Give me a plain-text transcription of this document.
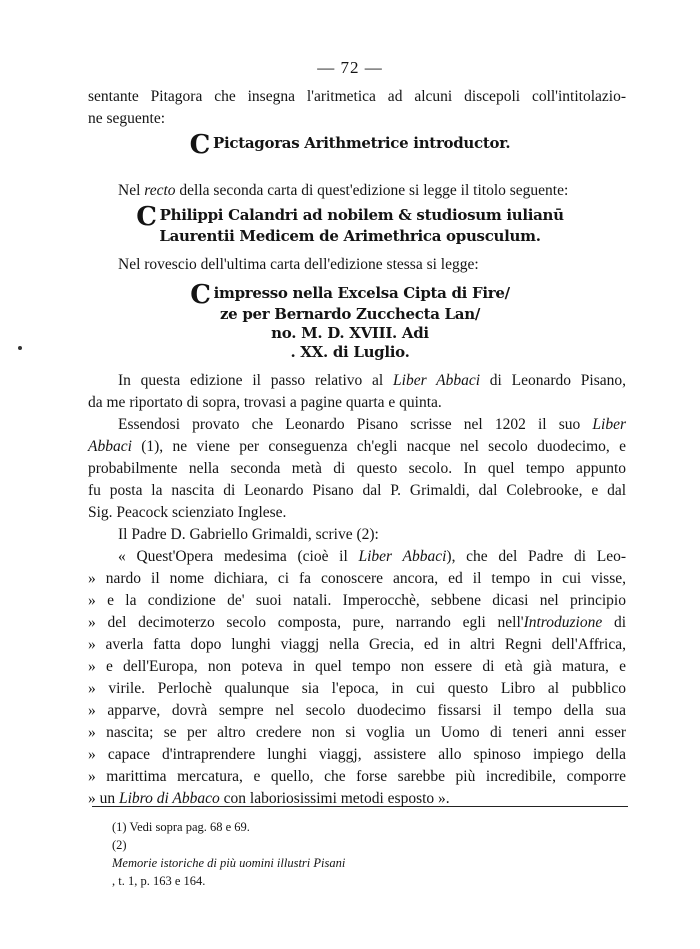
— 72 —
sentante Pitagora che insegna l'aritmetica ad alcuni discepoli coll'intitolazio-
ne seguente:
C Pictagoras Arithmetrice introductor.
Nel recto della seconda carta di quest'edizione si legge il titolo seguente:
C Philippi Calandri ad nobilem & studiosum iulianū
Laurentii Medicem de Arimethrica opusculum.
Nel rovescio dell'ultima carta dell'edizione stessa si legge:
Cimpresso nella Excelsa Cipta di Fire/
ze per Bernardo Zucchecta Lan/
no. M. D. XVIII. Adi
. XX. di Luglio.
In questa edizione il passo relativo al Liber Abbaci di Leonardo Pisano,
da me riportato di sopra, trovasi a pagine quarta e quinta.
Essendosi provato che Leonardo Pisano scrisse nel 1202 il suo Liber
Abbaci (1), ne viene per conseguenza ch'egli nacque nel secolo duodecimo, e
probabilmente nella seconda metà di questo secolo. In quel tempo appunto
fu posta la nascita di Leonardo Pisano dal P. Grimaldi, dal Colebrooke, e dal
Sig. Peacock scienziato Inglese.
Il Padre D. Gabriello Grimaldi, scrive (2):
« Quest'Opera medesima (cioè il Liber Abbaci), che del Padre di Leo-
» nardo il nome dichiara, ci fa conoscere ancora, ed il tempo in cui visse,
» e la condizione de' suoi natali. Imperocchè, sebbene dicasi nel principio
» del decimoterzo secolo composta, pure, narrando egli nell'Introduzione di
» averla fatta dopo lunghi viaggj nella Grecia, ed in altri Regni dell'Affrica,
» e dell'Europa, non poteva in quel tempo non essere di età già matura, e
» virile. Perlochè qualunque sia l'epoca, in cui questo Libro al pubblico
» apparve, dovrà sempre nel secolo duodecimo fissarsi il tempo della sua
» nascita; se per altro credere non si voglia un Uomo di teneri anni esser
» capace d'intraprendere lunghi viaggj, assistere allo spinoso impiego della
» marittima mercatura, e quello, che forse sarebbe più incredibile, comporre
» un Libro di Abbaco con laboriosissimi metodi esposto ».
(1) Vedi sopra pag. 68 e 69.
(2)
Memorie istoriche di più uomini illustri Pisani
, t. 1, p. 163 e 164.
